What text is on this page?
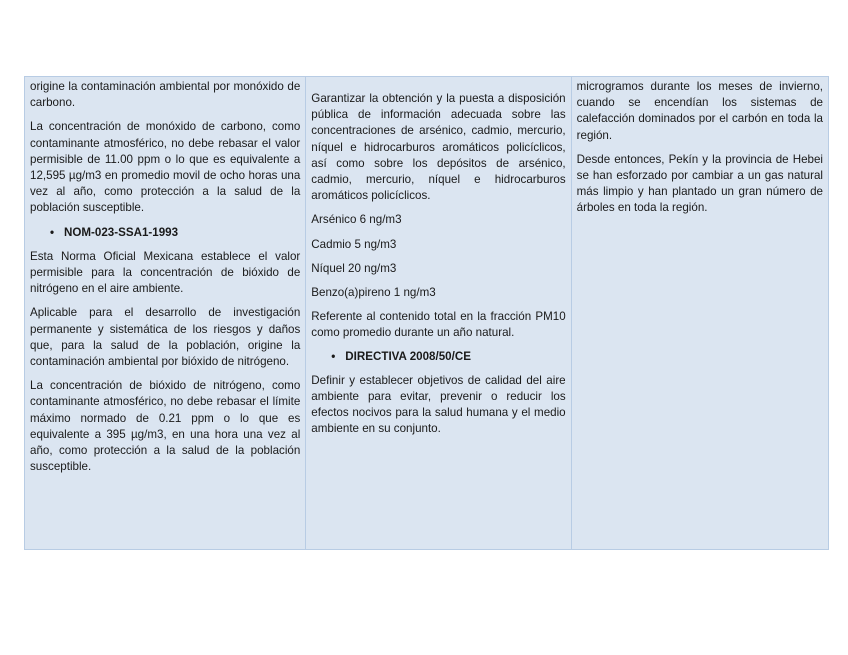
origine la contaminación ambiental por monóxido de carbono.

La concentración de monóxido de carbono, como contaminante atmosférico, no debe rebasar el valor permisible de 11.00 ppm o lo que es equivalente a 12,595 µg/m3 en promedio movil de ocho horas una vez al año, como protección a la salud de la población susceptible.

• NOM-023-SSA1-1993

Esta Norma Oficial Mexicana establece el valor permisible para la concentración de bióxido de nitrógeno en el aire ambiente.

Aplicable para el desarrollo de investigación permanente y sistemática de los riesgos y daños que, para la salud de la población, origine la contaminación ambiental por bióxido de nitrógeno.

La concentración de bióxido de nitrógeno, como contaminante atmosférico, no debe rebasar el límite máximo normado de 0.21 ppm o lo que es equivalente a 395 µg/m3, en una hora una vez al año, como protección a la salud de la población susceptible.

Garantizar la obtención y la puesta a disposición pública de información adecuada sobre las concentraciones de arsénico, cadmio, mercurio, níquel e hidrocarburos aromáticos policíclicos, así como sobre los depósitos de arsénico, cadmio, mercurio, níquel e hidrocarburos aromáticos policíclicos.

Arsénico 6 ng/m3

Cadmio 5 ng/m3

Níquel 20 ng/m3

Benzo(a)pireno 1 ng/m3

Referente al contenido total en la fracción PM10 como promedio durante un año natural.

• DIRECTIVA 2008/50/CE

Definir y establecer objetivos de calidad del aire ambiente para evitar, prevenir o reducir los efectos nocivos para la salud humana y el medio ambiente en su conjunto.

microgramos durante los meses de invierno, cuando se encendían los sistemas de calefacción dominados por el carbón en toda la región.

Desde entonces, Pekín y la provincia de Hebei se han esforzado por cambiar a un gas natural más limpio y han plantado un gran número de árboles en toda la región.
